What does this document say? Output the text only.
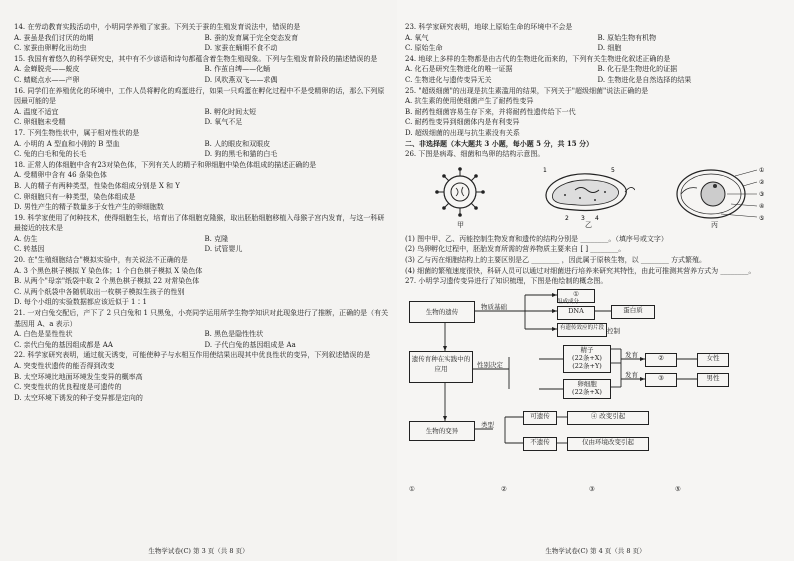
14. 在劳动教育实践活动中，小明同学养殖了家蚕。下列关于蚕的生殖发育说法中，错误的是
A. 蚕虽是我们讨厌的幼期	B. 蚕的发育属于完全变态发育
C. 家蚕由卵孵化出幼虫	D. 家蚕在蛹期不食不动
15. 我国有着悠久的科学研究史，其中有不少谚语和诗句都蕴含着生物生殖现象。下列与生殖发育阶段的描述错误的是
A. 金蝉脱壳——蜕皮	B. 作茧自缚——化蛹
C. 蜻蜓点水——产卵	D. 风吹燕双飞——求偶
16. 同学们在养殖优化的环境中，工作人员将孵化的鸡蛋进行，如果一只鸡蛋在孵化过程中不是受精卵的话，那么下列原因最可能的是
A. 温度不适宜	B. 孵化时间太短
C. 卵细胞未受精	D. 氧气不足
17. 下列生物性状中，属于相对性状的是
A. 小明的 A 型血和小刚的 B 型血	B. 人的眼皮和双眼皮
C. 兔的白毛和兔的长毛	D. 狗的黑毛和猫的白毛
18. 正常人的体细胞中含有23对染色体，下列有关人的精子和卵细胞中染色体组成的描述正确的是
A. 受精卵中含有 46 条染色体
B. 人的精子有两种类型，性染色体组成分别是 X 和 Y
C. 卵细胞只有一种类型，染色体组成是
D. 男性产生的精子数量多于女性产生的卵细胞数
19. 科学家使用了何种技术，使得细胞生长，培育出了体细胞克隆猴，取出胚胎细胞移植入母猴子宫内发育，与这一科研最接近的技术是
A. 仿生	B. 克隆
C. 转基因	D. 试管婴儿
20. 在"生殖细胞结合"模拟实验中，有关说法不正确的是
A. 3 个黑色棋子模拟 Y 染色体；1 个白色棋子模拟 X 染色体
B. 从两个"母亲"纸袋中取 2 个黑色棋子模拟 22 对常染色体
C. 从两个纸袋中各随机取出一枚棋子模拟生孩子的性别
D. 每个小组的实验数据都应该近似于 1∶1
21. 一对白兔交配后，产下了 2 只白兔和 1 只黑兔，小亮同学运用所学生物学知识对此现象进行了推断，正确的是（有关基因用 A、a 表示）
A. 白色是显性性状	B. 黑色是隐性性状
C. 亲代白兔的基因组成都是 AA	D. 子代白兔的基因组成是 Aa
22. 科学家研究表明，通过航天诱变，可能使种子与水相互作用使结果出现其中优良性状的变异，下列叙述错误的是
A. 突变性状遗传的能否得到改变
B. 太空环境比地面环境发生变异的概率高
C. 突变性状的优良程度是可遗传的
D. 太空环境下诱发的种子变异都是定向的
生物学试卷(C) 第 3 页（共 8 页）
23. 科学家研究表明，地球上原始生命的环境中不会是
A. 氧气	B. 原始生物有机物
C. 原始生命	D. 细胞
24. 地球上多样的生物都是由古代的生物进化而来的，下列有关生物进化叙述正确的是
A. 化石是研究生物进化的唯一证据	B. 化石是生物进化的证据
C. 生物进化与遗传变异无关	D. 生物进化是自然选择的结果
25. "超级细菌"的出现是抗生素滥用的结果，下列关于"超级细菌"说法正确的是
A. 抗生素的使用使细菌产生了耐药性变异
B. 耐药性细菌容易生存下来，并将耐药性遗传给下一代
C. 耐药性变异到细菌体内是有利变异
D. 超级细菌的出现与抗生素没有关系
二、非选择题（本大题共 3 小题，每小题 5 分，共 15 分）
26. 下图是病毒、细菌和鸟卵的结构示意图。
2 3 4
1	5	①
②
③
④
⑤
甲	乙	丙
(1) 图中甲、乙、丙能控制生物发育和遗传的结构分别是 ________。（填序号或文字）
(2) 鸟卵孵化过程中，胚胎发育所需的营养物质主要来自 [ ] ________。
(3) 乙与丙在细胞结构上的主要区别是乙 ________ ，因此属于原核生物，以 ________ 方式繁殖。
(4) 细菌的繁殖速度很快，科研人员可以通过对细菌进行培养来研究其特性，由此可推测其营养方式为 ________。
27. 小明学习遗传变异进行了知识梳理，下图是他绘制的概念图。
生物的遗传
物质基础
①
组成成分
DNA	蛋白质
有遗传效应的片段 控制
遗传育种在实践中的应用	性别决定
精子
(22条+X)
(22条+Y)
卵细胞
(22条+X)
发育	②	女性
发育	③	男性
生物的变异
类型
可遗传	④ 改变引起
不遗传	仅由环境改变引起
①	②	③	⑤
生物学试卷(C) 第 4 页（共 8 页）
